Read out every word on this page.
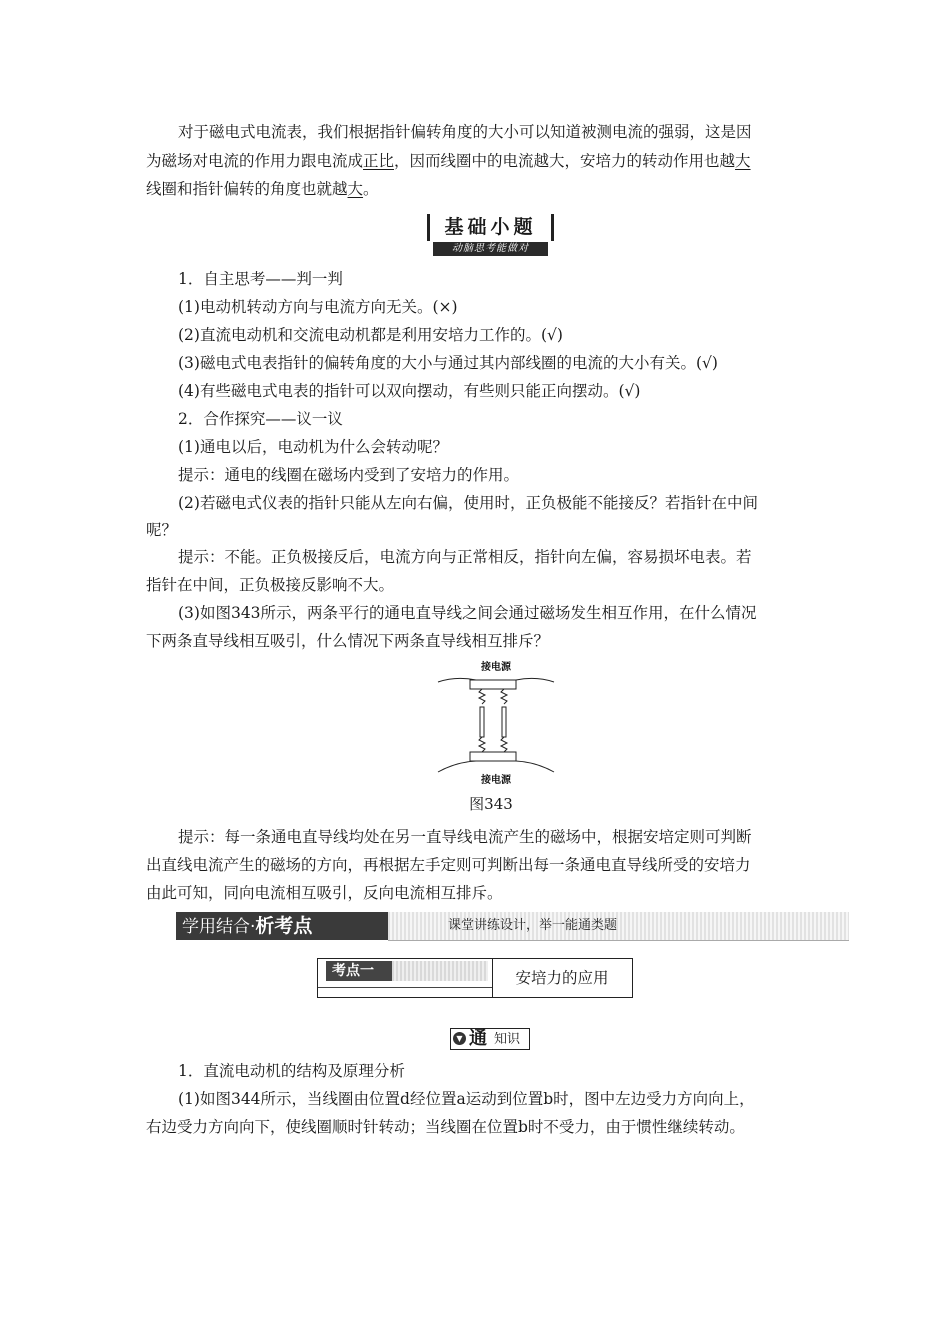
对于磁电式电流表，我们根据指针偏转角度的大小可以知道被测电流的强弱，这是因

为磁场对电流的作用力跟电流成正比，因而线圈中的电流越大，安培力的转动作用也越大

线圈和指针偏转的角度也就越大。

基础小题
动脑思考能做对

1．自主思考——判一判

(1)电动机转动方向与电流方向无关。(×)

(2)直流电动机和交流电动机都是利用安培力工作的。(√)

(3)磁电式电表指针的偏转角度的大小与通过其内部线圈的电流的大小有关。(√)

(4)有些磁电式电表的指针可以双向摆动，有些则只能正向摆动。(√)

2．合作探究——议一议

(1)通电以后，电动机为什么会转动呢？

提示：通电的线圈在磁场内受到了安培力的作用。

(2)若磁电式仪表的指针只能从左向右偏，使用时，正负极能不能接反？若指针在中间

呢？

提示：不能。正负极接反后，电流方向与正常相反，指针向左偏，容易损坏电表。若

指针在中间，正负极接反影响不大。

(3)如图343所示，两条平行的通电直导线之间会通过磁场发生相互作用，在什么情况

下两条直导线相互吸引，什么情况下两条直导线相互排斥？

接电源
接电源
图343

提示：每一条通电直导线均处在另一直导线电流产生的磁场中，根据安培定则可判断

出直线电流产生的磁场的方向，再根据左手定则可判断出每一条通电直导线所受的安培力

由此可知，同向电流相互吸引，反向电流相互排斥。

学用结合·析考点	课堂讲练设计，举一能通类题
考点一	安培力的应用
▼ 通 知识

1．直流电动机的结构及原理分析

(1)如图344所示，当线圈由位置d经位置a运动到位置b时，图中左边受力方向向上，

右边受力方向向下，使线圈顺时针转动；当线圈在位置b时不受力，由于惯性继续转动。
